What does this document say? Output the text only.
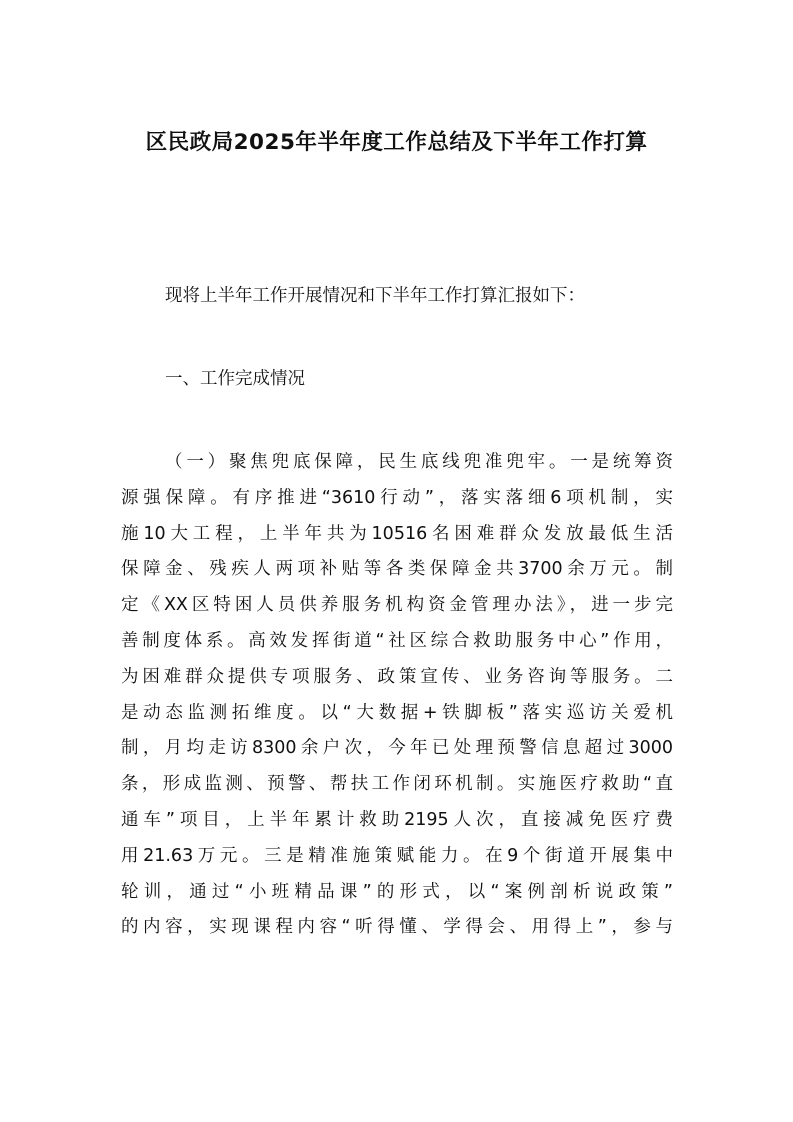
区民政局2025年半年度工作总结及下半年工作打算
现将上半年工作开展情况和下半年工作打算汇报如下：
一、工作完成情况
（一）聚焦兜底保障，民生底线兜准兜牢。一是统筹资
源强保障。有序推进“3610行动”，落实落细6项机制，实
施10大工程，上半年共为10516名困难群众发放最低生活
保障金、残疾人两项补贴等各类保障金共3700余万元。制
定《XX区特困人员供养服务机构资金管理办法》，进一步完
善制度体系。高效发挥街道“社区综合救助服务中心”作用，
为困难群众提供专项服务、政策宣传、业务咨询等服务。二
是动态监测拓维度。以“大数据+铁脚板”落实巡访关爱机
制，月均走访8300余户次，今年已处理预警信息超过3000
条，形成监测、预警、帮扶工作闭环机制。实施医疗救助“直
通车”项目，上半年累计救助2195人次，直接减免医疗费
用21.63万元。三是精准施策赋能力。在9个街道开展集中
轮训，通过“小班精品课”的形式，以“案例剖析说政策”
的内容，实现课程内容“听得懂、学得会、用得上”，参与
